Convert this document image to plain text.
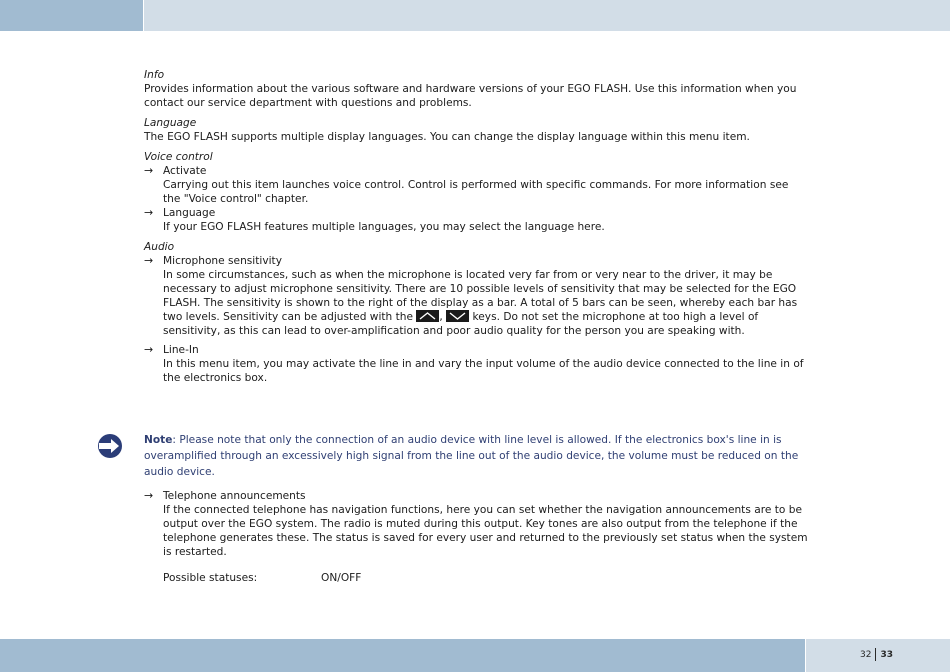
Info

Provides information about the various software and hardware versions of your EGO FLASH. Use this information when you contact our service department with questions and problems.

Language

The EGO FLASH supports multiple display languages. You can change the display language within this menu item.

Voice control
→ Activate

Carrying out this item launches voice control. Control is performed with specific commands. For more information see the "Voice control" chapter.

→ Language

If your EGO FLASH features multiple languages, you may select the language here.

Audio
→ Microphone sensitivity

In some circumstances, such as when the microphone is located very far from or very near to the driver, it may be necessary to adjust microphone sensitivity. There are 10 possible levels of sensitivity that may be selected for the EGO FLASH. The sensitivity is shown to the right of the display as a bar. A total of 5 bars can be seen, whereby each bar has two levels. Sensitivity can be adjusted with the ,	keys. Do not set the microphone at too high a level of sensitivity, as this can lead to over-amplification and poor audio quality for the person you are speaking with.

→ Line-In

In this menu item, you may activate the line in and vary the input volume of the audio device connected to the line in of the electronics box.

Note: Please note that only the connection of an audio device with line level is allowed. If the electronics box's line in is overamplified through an excessively high signal from the line out of the audio device, the volume must be reduced on the audio device.
→ Telephone announcements

If the connected telephone has navigation functions, here you can set whether the navigation announcements are to be output over the EGO system. The radio is muted during this output. Key tones are also output from the telephone if the telephone generates these. The status is saved for every user and returned to the previously set status when the system is restarted.

Possible statuses:	ON/OFF
32 33
